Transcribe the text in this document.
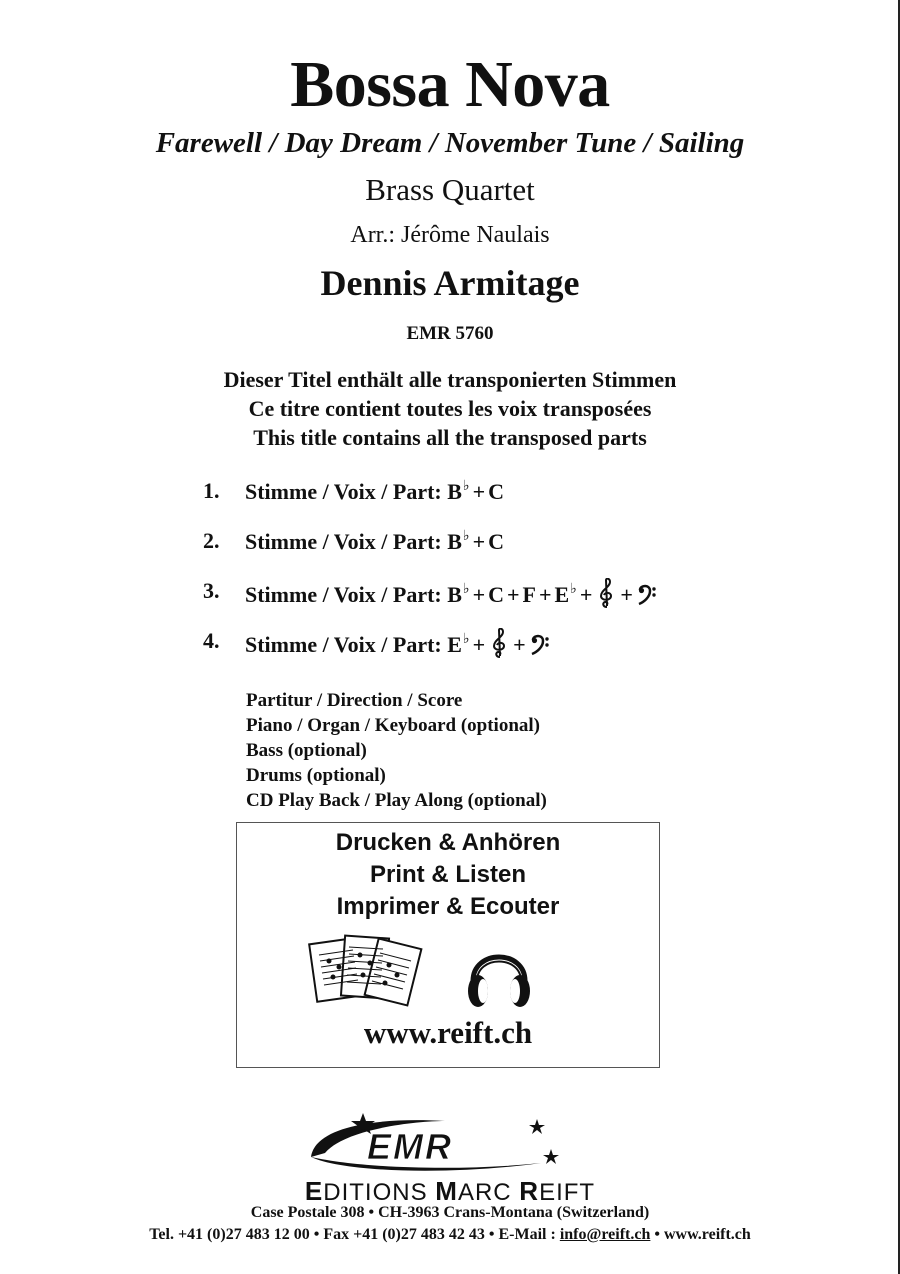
Bossa Nova
Farewell / Day Dream / November Tune / Sailing
Brass Quartet
Arr.: Jérôme Naulais
Dennis Armitage
EMR 5760
Dieser Titel enthält alle transponierten Stimmen
Ce titre contient toutes les voix transposées
This title contains all the transposed parts
1. Stimme / Voix / Part: B♭ + C
2. Stimme / Voix / Part: B♭ + C
3. Stimme / Voix / Part: B♭ + C + F + E♭ + +
4. Stimme / Voix / Part: E♭ + +
Partitur / Direction / Score
Piano / Organ / Keyboard (optional)
Bass (optional)
Drums (optional)
CD Play Back / Play Along (optional)
Drucken & Anhören
Print & Listen
Imprimer & Ecouter
www.reift.ch
EMR
EDITIONS MARC REIFT
Case Postale 308 • CH-3963 Crans-Montana (Switzerland)
Tel. +41 (0)27 483 12 00 • Fax +41 (0)27 483 42 43 • E-Mail : info@reift.ch • www.reift.ch
